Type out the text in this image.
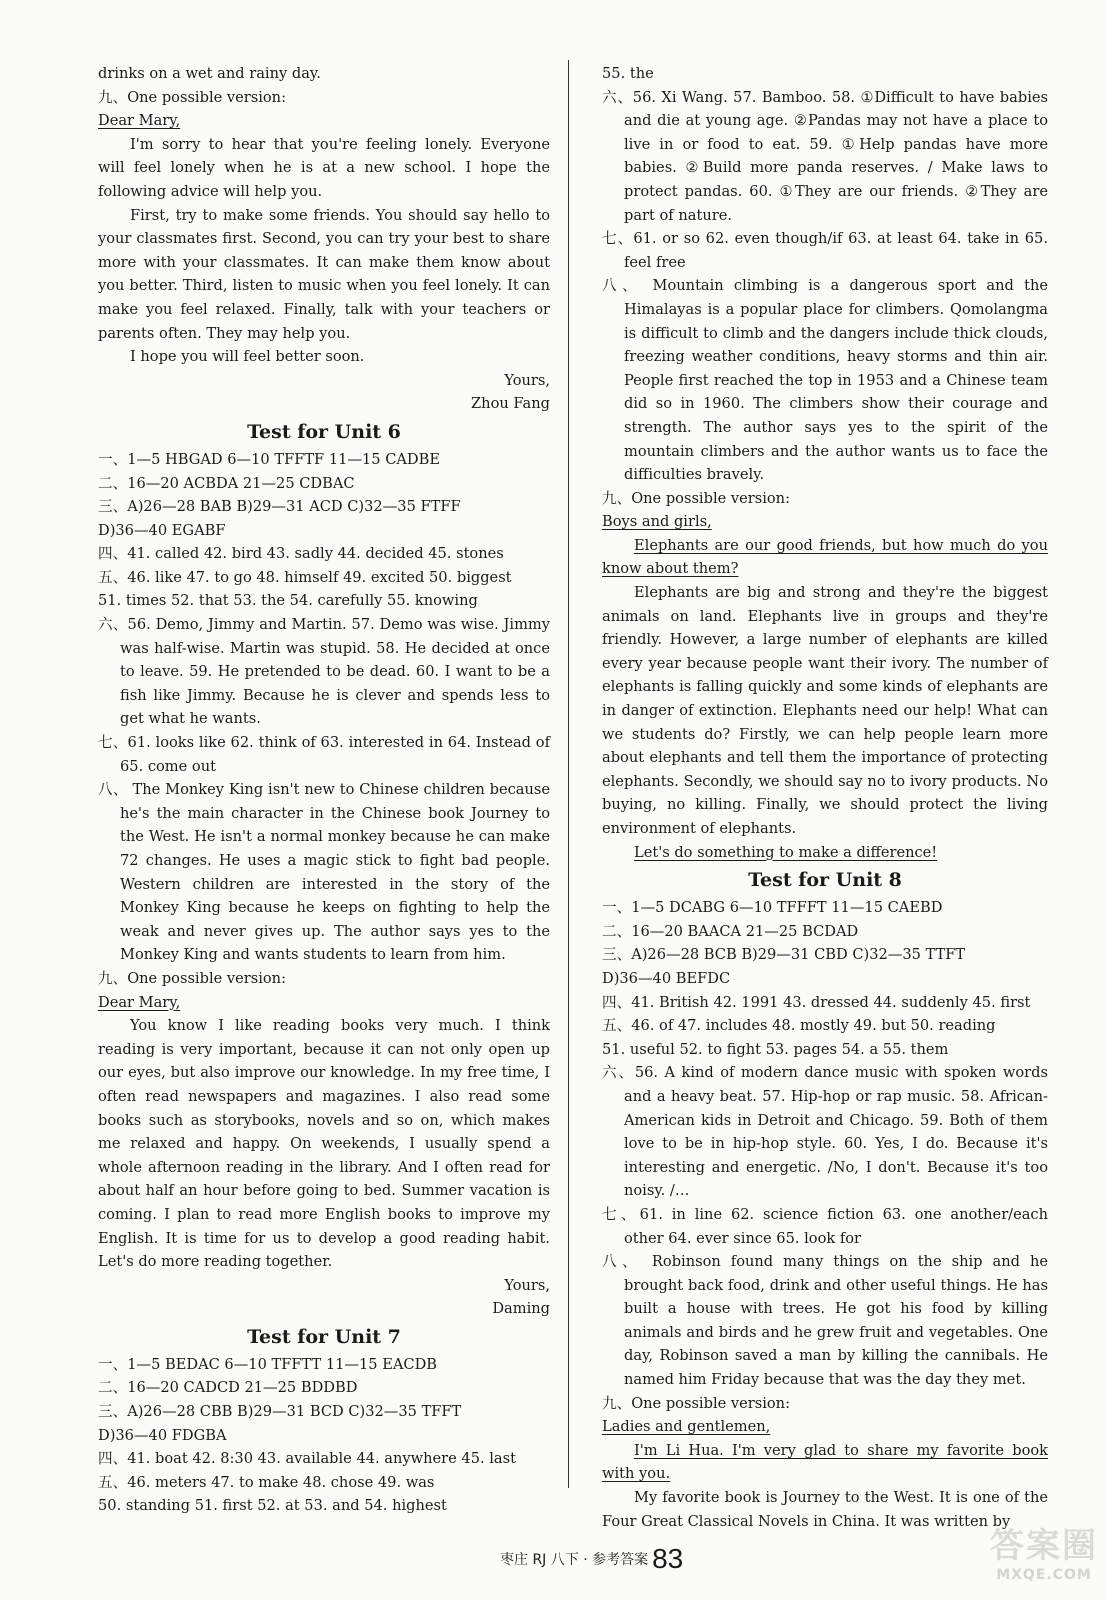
drinks on a wet and rainy day.

九、One possible version:

Dear Mary,

I'm sorry to hear that you're feeling lonely. Everyone will feel lonely when he is at a new school. I hope the following advice will help you.

First, try to make some friends. You should say hello to your classmates first. Second, you can try your best to share more with your classmates. It can make them know about you better. Third, listen to music when you feel lonely. It can make you feel relaxed. Finally, talk with your teachers or parents often. They may help you.

I hope you will feel better soon.

Yours,

Zhou Fang

Test for Unit 6

一、1—5 HBGAD 6—10 TFFTF 11—15 CADBE

二、16—20 ACBDA 21—25 CDBAC

三、A)26—28 BAB B)29—31 ACD C)32—35 FTFF

D)36—40 EGABF

四、41. called 42. bird 43. sadly 44. decided 45. stones

五、46. like 47. to go 48. himself 49. excited 50. biggest

51. times 52. that 53. the 54. carefully 55. knowing

六、56. Demo, Jimmy and Martin. 57. Demo was wise. Jimmy was half-wise. Martin was stupid. 58. He decided at once to leave. 59. He pretended to be dead. 60. I want to be a fish like Jimmy. Because he is clever and spends less to get what he wants.

七、61. looks like 62. think of 63. interested in 64. Instead of 65. come out

八、 The Monkey King isn't new to Chinese children because he's the main character in the Chinese book Journey to the West. He isn't a normal monkey because he can make 72 changes. He uses a magic stick to fight bad people. Western children are interested in the story of the Monkey King because he keeps on fighting to help the weak and never gives up. The author says yes to the Monkey King and wants students to learn from him.

九、One possible version:

Dear Mary,

You know I like reading books very much. I think reading is very important, because it can not only open up our eyes, but also improve our knowledge. In my free time, I often read newspapers and magazines. I also read some books such as storybooks, novels and so on, which makes me relaxed and happy. On weekends, I usually spend a whole afternoon reading in the library. And I often read for about half an hour before going to bed. Summer vacation is coming. I plan to read more English books to improve my English. It is time for us to develop a good reading habit. Let's do more reading together.

Yours,

Daming

Test for Unit 7

一、1—5 BEDAC 6—10 TFFTT 11—15 EACDB

二、16—20 CADCD 21—25 BDDBD

三、A)26—28 CBB B)29—31 BCD C)32—35 TFFT

D)36—40 FDGBA

四、41. boat 42. 8:30 43. available 44. anywhere 45. last

五、46. meters 47. to make 48. chose 49. was

50. standing 51. first 52. at 53. and 54. highest

55. the

六、56. Xi Wang. 57. Bamboo. 58. ①Difficult to have babies and die at young age. ②Pandas may not have a place to live in or food to eat. 59. ①Help pandas have more babies. ②Build more panda reserves. / Make laws to protect pandas. 60. ①They are our friends. ②They are part of nature.

七、61. or so 62. even though/if 63. at least 64. take in 65. feel free

八、 Mountain climbing is a dangerous sport and the Himalayas is a popular place for climbers. Qomolangma is difficult to climb and the dangers include thick clouds, freezing weather conditions, heavy storms and thin air. People first reached the top in 1953 and a Chinese team did so in 1960. The climbers show their courage and strength. The author says yes to the spirit of the mountain climbers and the author wants us to face the difficulties bravely.

九、One possible version:

Boys and girls,

Elephants are our good friends, but how much do you know about them?

Elephants are big and strong and they're the biggest animals on land. Elephants live in groups and they're friendly. However, a large number of elephants are killed every year because people want their ivory. The number of elephants is falling quickly and some kinds of elephants are in danger of extinction. Elephants need our help! What can we students do? Firstly, we can help people learn more about elephants and tell them the importance of protecting elephants. Secondly, we should say no to ivory products. No buying, no killing. Finally, we should protect the living environment of elephants.

Let's do something to make a difference!

Test for Unit 8

一、1—5 DCABG 6—10 TFFFT 11—15 CAEBD

二、16—20 BAACA 21—25 BCDAD

三、A)26—28 BCB B)29—31 CBD C)32—35 TTFT

D)36—40 BEFDC

四、41. British 42. 1991 43. dressed 44. suddenly 45. first

五、46. of 47. includes 48. mostly 49. but 50. reading

51. useful 52. to fight 53. pages 54. a 55. them

六、56. A kind of modern dance music with spoken words and a heavy beat. 57. Hip-hop or rap music. 58. African-American kids in Detroit and Chicago. 59. Both of them love to be in hip-hop style. 60. Yes, I do. Because it's interesting and energetic. /No, I don't. Because it's too noisy. /…

七、61. in line 62. science fiction 63. one another/each other 64. ever since 65. look for

八、 Robinson found many things on the ship and he brought back food, drink and other useful things. He has built a house with trees. He got his food by killing animals and birds and he grew fruit and vegetables. One day, Robinson saved a man by killing the cannibals. He named him Friday because that was the day they met.

九、One possible version:

Ladies and gentlemen,

I'm Li Hua. I'm very glad to share my favorite book with you.

My favorite book is Journey to the West. It is one of the Four Great Classical Novels in China. It was written by

枣庄 RJ 八下 · 参考答案 83	答案圈
MXQE.COM
